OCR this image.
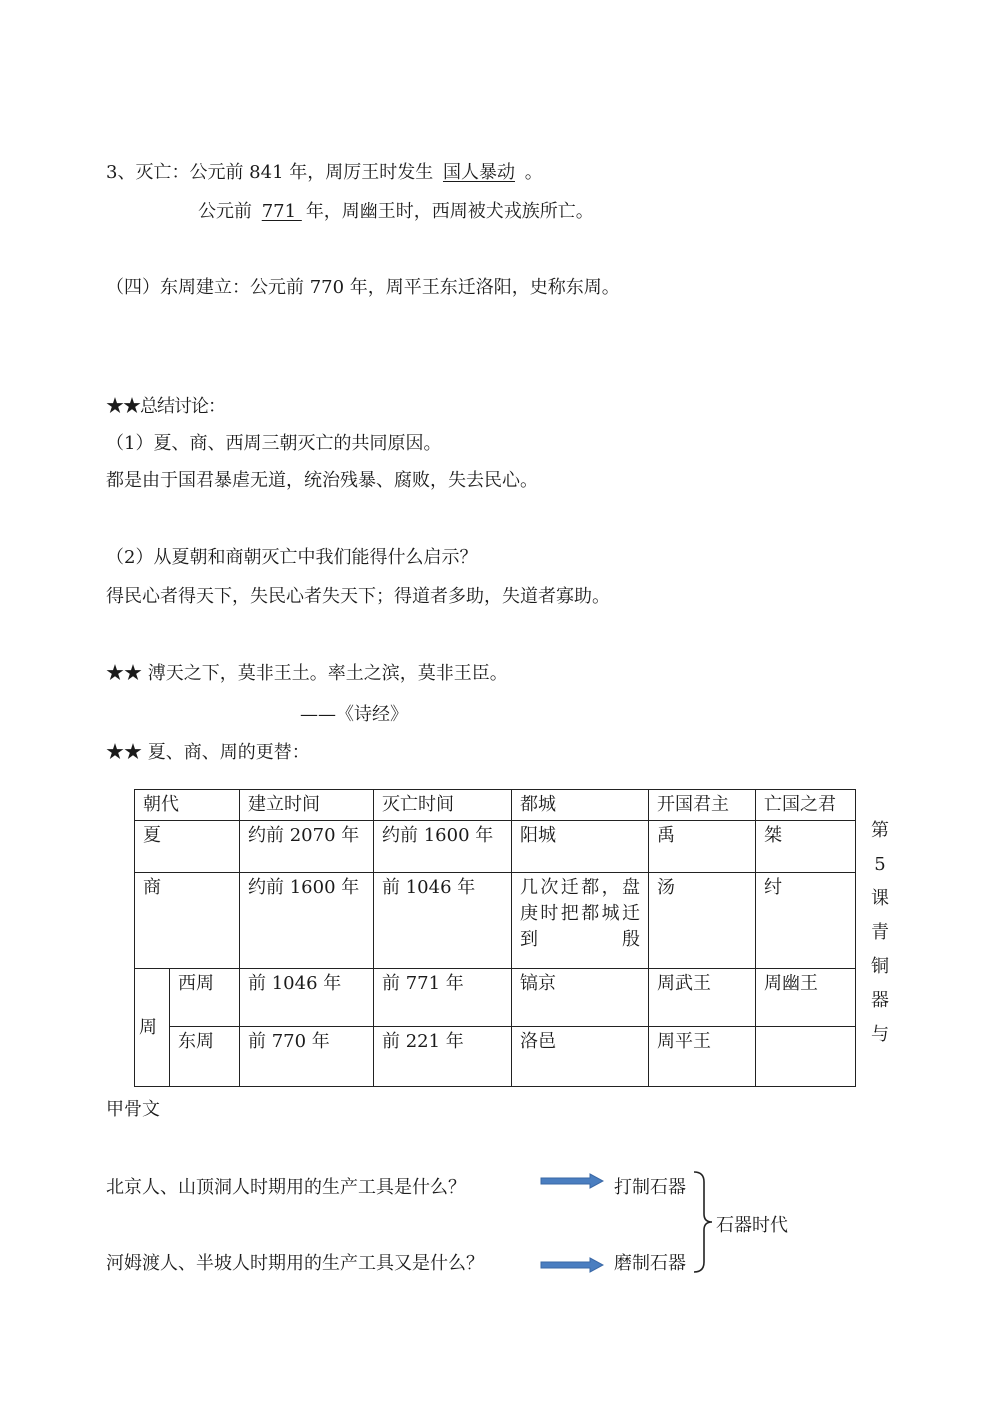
3、灭亡：公元前 841 年，周厉王时发生 国人暴动 。
公元前 771 年，周幽王时，西周被犬戎族所亡。
（四）东周建立：公元前 770 年，周平王东迁洛阳，史称东周。
★★总结讨论：
（1）夏、商、西周三朝灭亡的共同原因。
都是由于国君暴虐无道，统治残暴、腐败，失去民心。
（2）从夏朝和商朝灭亡中我们能得什么启示？
得民心者得天下，失民心者失天下；得道者多助，失道者寡助。
★★ 溥天之下，莫非王土。率土之滨，莫非王臣。
——《诗经》
★★ 夏、商、周的更替：
朝代		建立时间	灭亡时间	都城	开国君主	亡国之君
夏		约前 2070 年	约前 1600 年	阳城	禹	桀
商		约前 1600 年	前 1046 年	几次迁都，盘庚时把都城迁到殷	汤	纣
周	西周	前 1046 年	前 771 年	镐京	周武王	周幽王
	东周	前 770 年	前 221 年	洛邑	周平王	
第
5
课
青
铜
器
与
甲骨文
北京人、山顶洞人时期用的生产工具是什么？	打制石器
石器时代
河姆渡人、半坡人时期用的生产工具又是什么？	磨制石器
